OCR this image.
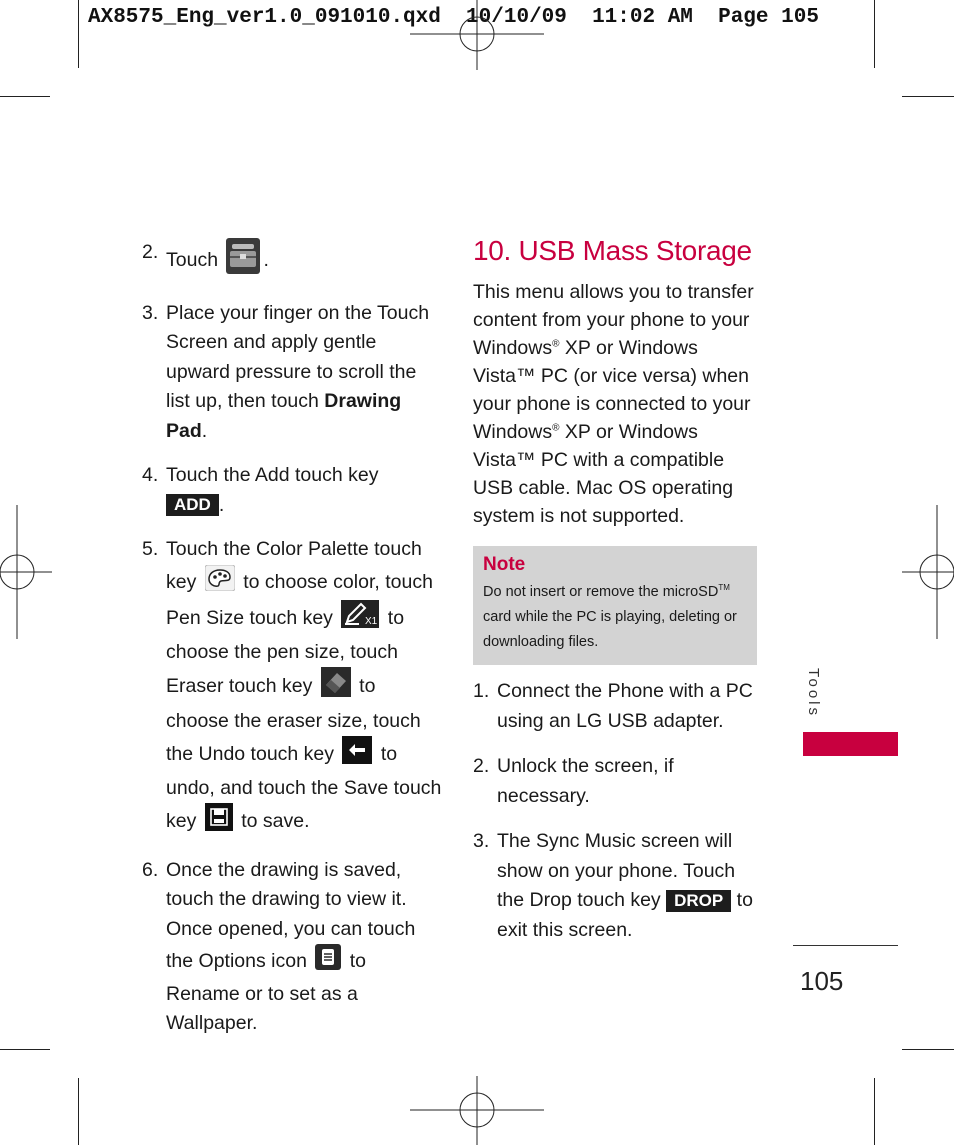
AX8575_Eng_ver1.0_091010.qxd  10/10/09  11:02 AM  Page 105
2. Touch .
3. Place your finger on the Touch Screen and apply gentle upward pressure to scroll the list up, then touch Drawing Pad.
4. Touch the Add touch key
ADD .
5. Touch the Color Palette touch key to choose color, touch Pen Size touch key	X1 to choose the pen size, touch Eraser touch key to choose the eraser size, touch the Undo touch key to undo, and touch the Save touch key to save.
6. Once the drawing is saved, touch the drawing to view it. Once opened, you can touch the Options icon to Rename or to set as a Wallpaper.
10. USB Mass Storage

This menu allows you to transfer content from your phone to your Windows® XP or Windows Vista™ PC (or vice versa) when your phone is connected to your Windows® XP or Windows Vista™ PC with a compatible USB cable. Mac OS operating system is not supported.

Note
Do not insert or remove the microSD™ card while the PC is playing, deleting or downloading files.
1. Connect the Phone with a PC using an LG USB adapter.
2. Unlock the screen, if necessary.
3. The Sync Music screen will show on your phone. Touch the Drop touch key DROP to exit this screen.
Tools
105
